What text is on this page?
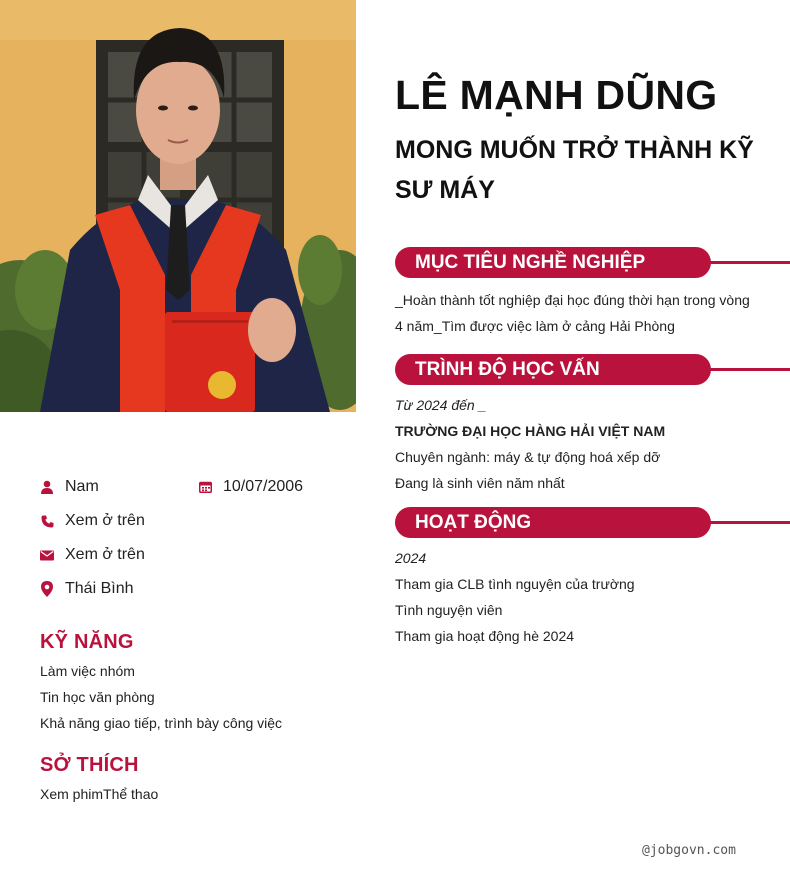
Nam	10/07/2006
Xem ở trên
Xem ở trên
Thái Bình
KỸ NĂNG
Làm việc nhóm
Tin học văn phòng
Khả năng giao tiếp, trình bày công việc
SỞ THÍCH
Xem phimThể thao
LÊ MẠNH DŨNG
MONG MUỐN TRỞ THÀNH KỸ SƯ MÁY
MỤC TIÊU NGHỀ NGHIỆP
_Hoàn thành tốt nghiệp đại học đúng thời hạn trong vòng
4 năm_Tìm được việc làm ở cảng Hải Phòng
TRÌNH ĐỘ HỌC VẤN
Từ 2024 đến _
TRƯỜNG ĐẠI HỌC HÀNG HẢI VIỆT NAM
Chuyên ngành: máy & tự động hoá xếp dỡ
Đang là sinh viên năm nhất
HOẠT ĐỘNG
2024
Tham gia CLB tình nguyện của trường
Tình nguyện viên
Tham gia hoạt động hè 2024
@jobgovn.com
